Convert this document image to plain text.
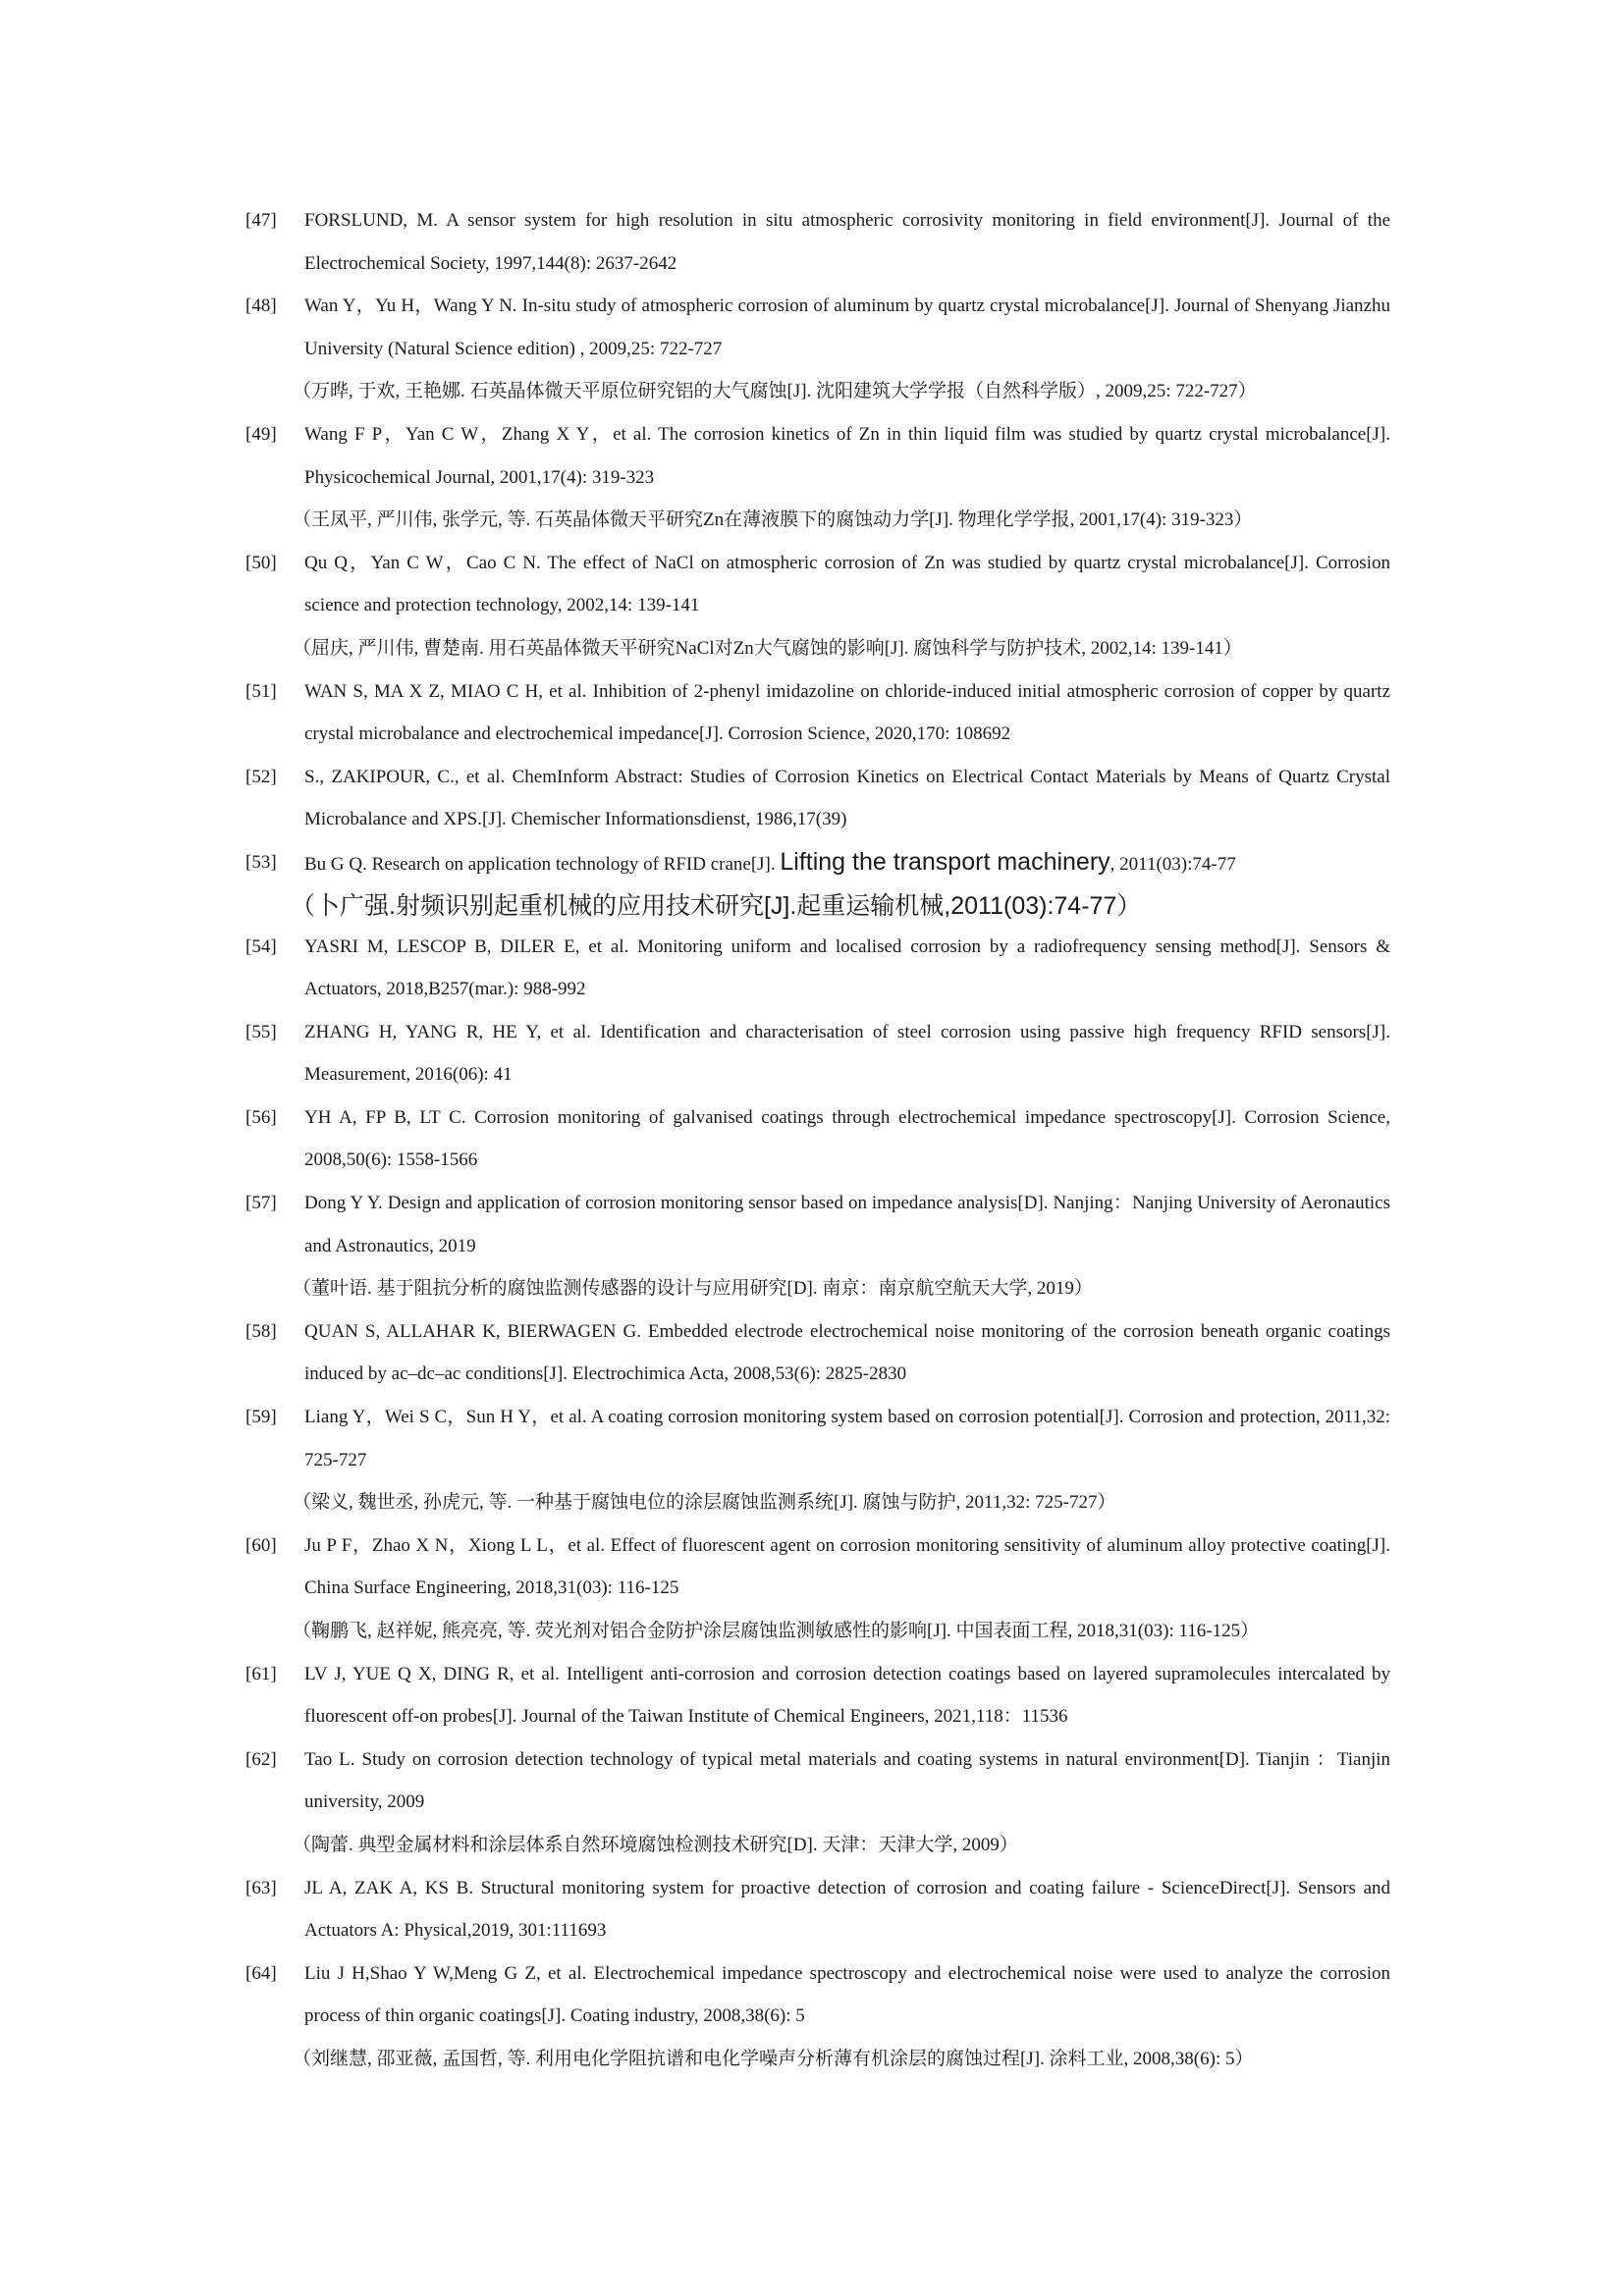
[47] FORSLUND, M. A sensor system for high resolution in situ atmospheric corrosivity monitoring in field environment[J]. Journal of the Electrochemical Society, 1997,144(8): 2637-2642
[48] Wan Y，Yu H，Wang Y N. In-situ study of atmospheric corrosion of aluminum by quartz crystal microbalance[J]. Journal of Shenyang Jianzhu University (Natural Science edition) , 2009,25: 722-727
（万晔, 于欢, 王艳娜. 石英晶体微天平原位研究铝的大气腐蚀[J]. 沈阳建筑大学学报（自然科学版）, 2009,25: 722-727）
[49] Wang F P，Yan C W，Zhang X Y，et al. The corrosion kinetics of Zn in thin liquid film was studied by quartz crystal microbalance[J]. Physicochemical Journal, 2001,17(4): 319-323
（王凤平, 严川伟, 张学元, 等. 石英晶体微天平研究Zn在薄液膜下的腐蚀动力学[J]. 物理化学学报, 2001,17(4): 319-323）
[50] Qu Q，Yan C W，Cao C N. The effect of NaCl on atmospheric corrosion of Zn was studied by quartz crystal microbalance[J]. Corrosion science and protection technology, 2002,14: 139-141
（屈庆, 严川伟, 曹楚南. 用石英晶体微天平研究NaCl对Zn大气腐蚀的影响[J]. 腐蚀科学与防护技术, 2002,14: 139-141）
[51] WAN S, MA X Z, MIAO C H, et al. Inhibition of 2-phenyl imidazoline on chloride-induced initial atmospheric corrosion of copper by quartz crystal microbalance and electrochemical impedance[J]. Corrosion Science, 2020,170: 108692
[52] S., ZAKIPOUR, C., et al. ChemInform Abstract: Studies of Corrosion Kinetics on Electrical Contact Materials by Means of Quartz Crystal Microbalance and XPS.[J]. Chemischer Informationsdienst, 1986,17(39)
[53] Bu G Q. Research on application technology of RFID crane[J]. Lifting the transport machinery, 2011(03):74-77
（卜广强.射频识别起重机械的应用技术研究[J].起重运输机械,2011(03):74-77）
[54] YASRI M, LESCOP B, DILER E, et al. Monitoring uniform and localised corrosion by a radiofrequency sensing method[J]. Sensors & Actuators, 2018,B257(mar.): 988-992
[55] ZHANG H, YANG R, HE Y, et al. Identification and characterisation of steel corrosion using passive high frequency RFID sensors[J]. Measurement, 2016(06): 41
[56] YH A, FP B, LT C. Corrosion monitoring of galvanised coatings through electrochemical impedance spectroscopy[J]. Corrosion Science, 2008,50(6): 1558-1566
[57] Dong Y Y. Design and application of corrosion monitoring sensor based on impedance analysis[D]. Nanjing：Nanjing University of Aeronautics and Astronautics, 2019
（董叶语. 基于阻抗分析的腐蚀监测传感器的设计与应用研究[D]. 南京：南京航空航天大学, 2019）
[58] QUAN S, ALLAHAR K, BIERWAGEN G. Embedded electrode electrochemical noise monitoring of the corrosion beneath organic coatings induced by ac–dc–ac conditions[J]. Electrochimica Acta, 2008,53(6): 2825-2830
[59] Liang Y，Wei S C，Sun H Y，et al. A coating corrosion monitoring system based on corrosion potential[J]. Corrosion and protection, 2011,32: 725-727
（梁义, 魏世丞, 孙虎元, 等. 一种基于腐蚀电位的涂层腐蚀监测系统[J]. 腐蚀与防护, 2011,32: 725-727）
[60] Ju P F，Zhao X N，Xiong L L，et al. Effect of fluorescent agent on corrosion monitoring sensitivity of aluminum alloy protective coating[J]. China Surface Engineering, 2018,31(03): 116-125
（鞠鹏飞, 赵祥妮, 熊亮亮, 等. 荧光剂对铝合金防护涂层腐蚀监测敏感性的影响[J]. 中国表面工程, 2018,31(03): 116-125）
[61] LV J, YUE Q X, DING R, et al. Intelligent anti-corrosion and corrosion detection coatings based on layered supramolecules intercalated by fluorescent off-on probes[J]. Journal of the Taiwan Institute of Chemical Engineers, 2021,118：11536
[62] Tao L. Study on corrosion detection technology of typical metal materials and coating systems in natural environment[D]. Tianjin ：Tianjin university, 2009
（陶蕾. 典型金属材料和涂层体系自然环境腐蚀检测技术研究[D]. 天津：天津大学, 2009）
[63] JL A, ZAK A, KS B. Structural monitoring system for proactive detection of corrosion and coating failure - ScienceDirect[J]. Sensors and Actuators A: Physical,2019, 301:111693
[64] Liu J H,Shao Y W,Meng G Z, et al. Electrochemical impedance spectroscopy and electrochemical noise were used to analyze the corrosion process of thin organic coatings[J]. Coating industry, 2008,38(6): 5
（刘继慧, 邵亚薇, 孟国哲, 等. 利用电化学阻抗谱和电化学噪声分析薄有机涂层的腐蚀过程[J]. 涂料工业, 2008,38(6): 5）
